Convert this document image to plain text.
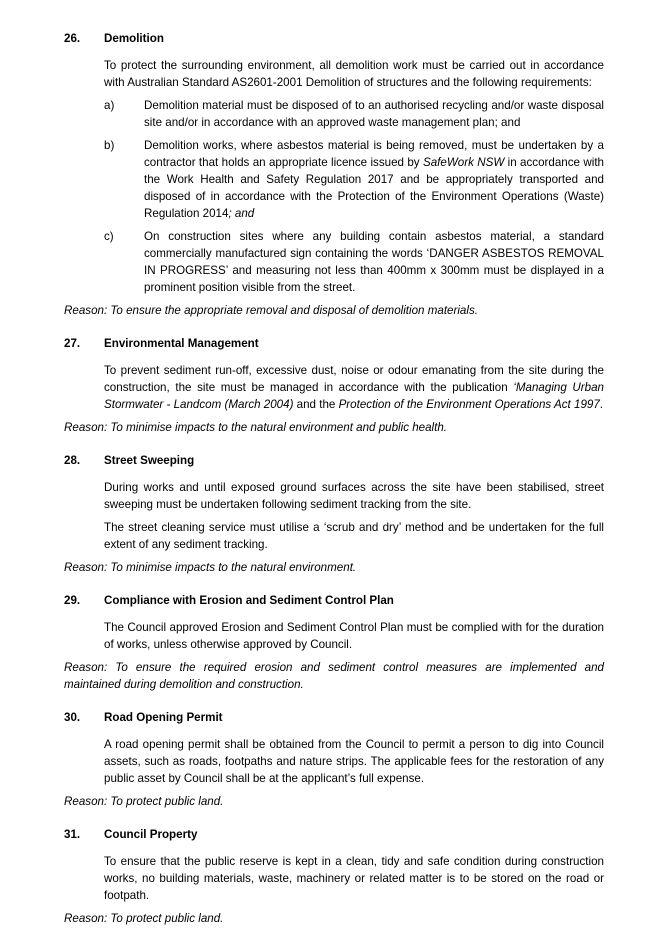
26.	Demolition
To protect the surrounding environment, all demolition work must be carried out in accordance with Australian Standard AS2601-2001 Demolition of structures and the following requirements:
a)	Demolition material must be disposed of to an authorised recycling and/or waste disposal site and/or in accordance with an approved waste management plan; and
b)	Demolition works, where asbestos material is being removed, must be undertaken by a contractor that holds an appropriate licence issued by SafeWork NSW in accordance with the Work Health and Safety Regulation 2017 and be appropriately transported and disposed of in accordance with the Protection of the Environment Operations (Waste) Regulation 2014; and
c)	On construction sites where any building contain asbestos material, a standard commercially manufactured sign containing the words ‘DANGER ASBESTOS REMOVAL IN PROGRESS’ and measuring not less than 400mm x 300mm must be displayed in a prominent position visible from the street.

Reason: To ensure the appropriate removal and disposal of demolition materials.

27.	Environmental Management
To prevent sediment run-off, excessive dust, noise or odour emanating from the site during the construction, the site must be managed in accordance with the publication ‘Managing Urban Stormwater - Landcom (March 2004) and the Protection of the Environment Operations Act 1997.

Reason: To minimise impacts to the natural environment and public health.

28.	Street Sweeping

During works and until exposed ground surfaces across the site have been stabilised, street sweeping must be undertaken following sediment tracking from the site.

The street cleaning service must utilise a ‘scrub and dry’ method and be undertaken for the full extent of any sediment tracking.

Reason: To minimise impacts to the natural environment.

29.	Compliance with Erosion and Sediment Control Plan
The Council approved Erosion and Sediment Control Plan must be complied with for the duration of works, unless otherwise approved by Council.

Reason: To ensure the required erosion and sediment control measures are implemented and maintained during demolition and construction.

30.	Road Opening Permit
A road opening permit shall be obtained from the Council to permit a person to dig into Council assets, such as roads, footpaths and nature strips. The applicable fees for the restoration of any public asset by Council shall be at the applicant’s full expense.

Reason: To protect public land.

31.	Council Property
To ensure that the public reserve is kept in a clean, tidy and safe condition during construction works, no building materials, waste, machinery or related matter is to be stored on the road or footpath.

Reason: To protect public land.
